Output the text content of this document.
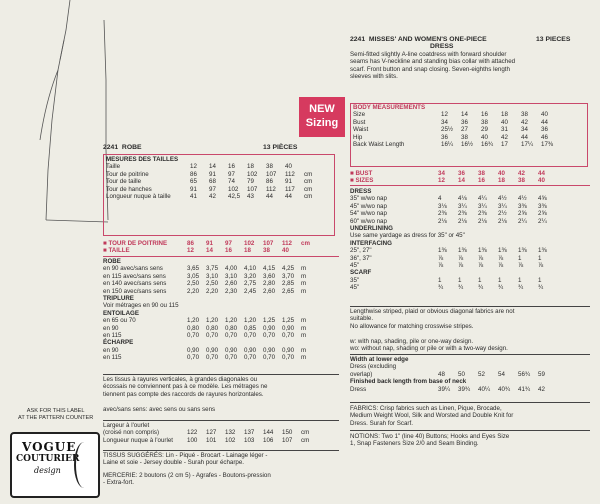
ASK FOR THIS LABEL
AT THE PATTERN COUNTER
VOGUE
COUTURIER
design
NEW
Sizing
2241 MISSES' AND WOMEN'S ONE-PIECE	13 PIECES
DRESS
Semi-fitted slightly A-line coatdress with forward shoulder
seams has V-neckline and standing bias collar with attached
scarf. Front button and snap closing. Seven-eighths length
sleeves with slits.
BODY MEASUREMENTS
Size	12	14	16	18	38	40
Bust	34	36	38	40	42	44
Waist	25½	27	29	31	34	36
Hip	36	38	40	42	44	46
Back Waist Length	16¼	16½	16¾	17	17¼	17⅜
■ BUST	34	36	38	40	42	44
■ SIZES	12	14	16	18	38	40
DRESS
35" w/wo nap	4	4⅛	4¼	4½	4½	4⅝
45" w/wo nap	3⅛	3¼	3¼	3¼	3⅜	3⅜
54" w/wo nap	2⅜	2⅜	2⅜	2½	2⅝	2⅝
60" w/wo nap	2⅛	2⅛	2⅛	2⅛	2¼	2¼
UNDERLINING
Use same yardage as dress for 35" or 45"
INTERFACING
25", 27"	1⅜	1⅜	1⅜	1⅜	1⅜	1⅜
36", 37"	⅞	⅞	⅞	⅞	1	1
45"	⅞	⅞	⅞	⅞	⅞	⅞
SCARF
35"	1	1	1	1	1	1
45"	¾	¾	¾	¾	¾	¾
Lengthwise striped, plaid or obvious diagonal fabrics are not
suitable.
No allowance for matching crosswise stripes.

w: with nap, shading, pile or one-way design.
wo: without nap, shading or pile or with a two-way design.
Width at lower edge
Dress (excluding
overlap)	48	50	52	54	56¾	59
Finished back length from base of neck
Dress	39¼	39¾	40¼	40¾	41¾	42
FABRICS: Crisp fabrics such as Linen, Pique, Brocade,
Medium Weight Wool, Silk and Worsted and Double Knit for
Dress. Surah for Scarf.
NOTIONS: Two 1" (line 40) Buttons; Hooks and Eyes Size
1, Snap Fasteners Size 2/0 and Seam Binding.
2241 ROBE	13 PIÈCES
MESURES DES TAILLES
Taille	12	14	16	18	38	40
Tour de poitrine	86	91	97	102	107	112	cm
Tour de taille	65	68	74	79	86	91	cm
Tour de hanches	91	97	102	107	112	117	cm
Longueur nuque à taille	41	42	42,5	43	44	44	cm
■ TOUR DE POITRINE	86	91	97	102	107	112	cm
■ TAILLE	12	14	16	18	38	40
ROBE
en 90 avec/sans sens	3,65	3,75	4,00	4,10	4,15	4,25	m
en 115 avec/sans sens	3,05	3,10	3,10	3,20	3,60	3,70	m
en 140 avec/sans sens	2,50	2,50	2,60	2,75	2,80	2,85	m
en 150 avec/sans sens	2,20	2,20	2,30	2,45	2,60	2,65	m
TRIPLURE
Voir métrages en 90 ou 115
ENTOILAGE
en 65 ou 70	1,20	1,20	1,20	1,20	1,25	1,25	m
en 90	0,80	0,80	0,80	0,85	0,90	0,90	m
en 115	0,70	0,70	0,70	0,70	0,70	0,70	m
ÉCHARPE
en 90	0,90	0,90	0,90	0,90	0,90	0,90	m
en 115	0,70	0,70	0,70	0,70	0,70	0,70	m
Les tissus à rayures verticales, à grandes diagonales ou
écossais ne conviennent pas à ce modèle. Les métrages ne
tiennent pas compte des raccords de rayures horizontales.

avec/sans sens: avec sens ou sans sens
Largeur à l'ourlet
(croisé non compris)	122	127	132	137	144	150	cm
Longueur nuque à l'ourlet	100	101	102	103	106	107	cm
TISSUS SUGGÉRÉS: Lin - Piqué - Brocart - Lainage léger -
Laine et soie - Jersey double - Surah pour écharpe.
MERCERIE: 2 boutons (2 cm 5) - Agrafes - Boutons-pression
- Extra-fort.
